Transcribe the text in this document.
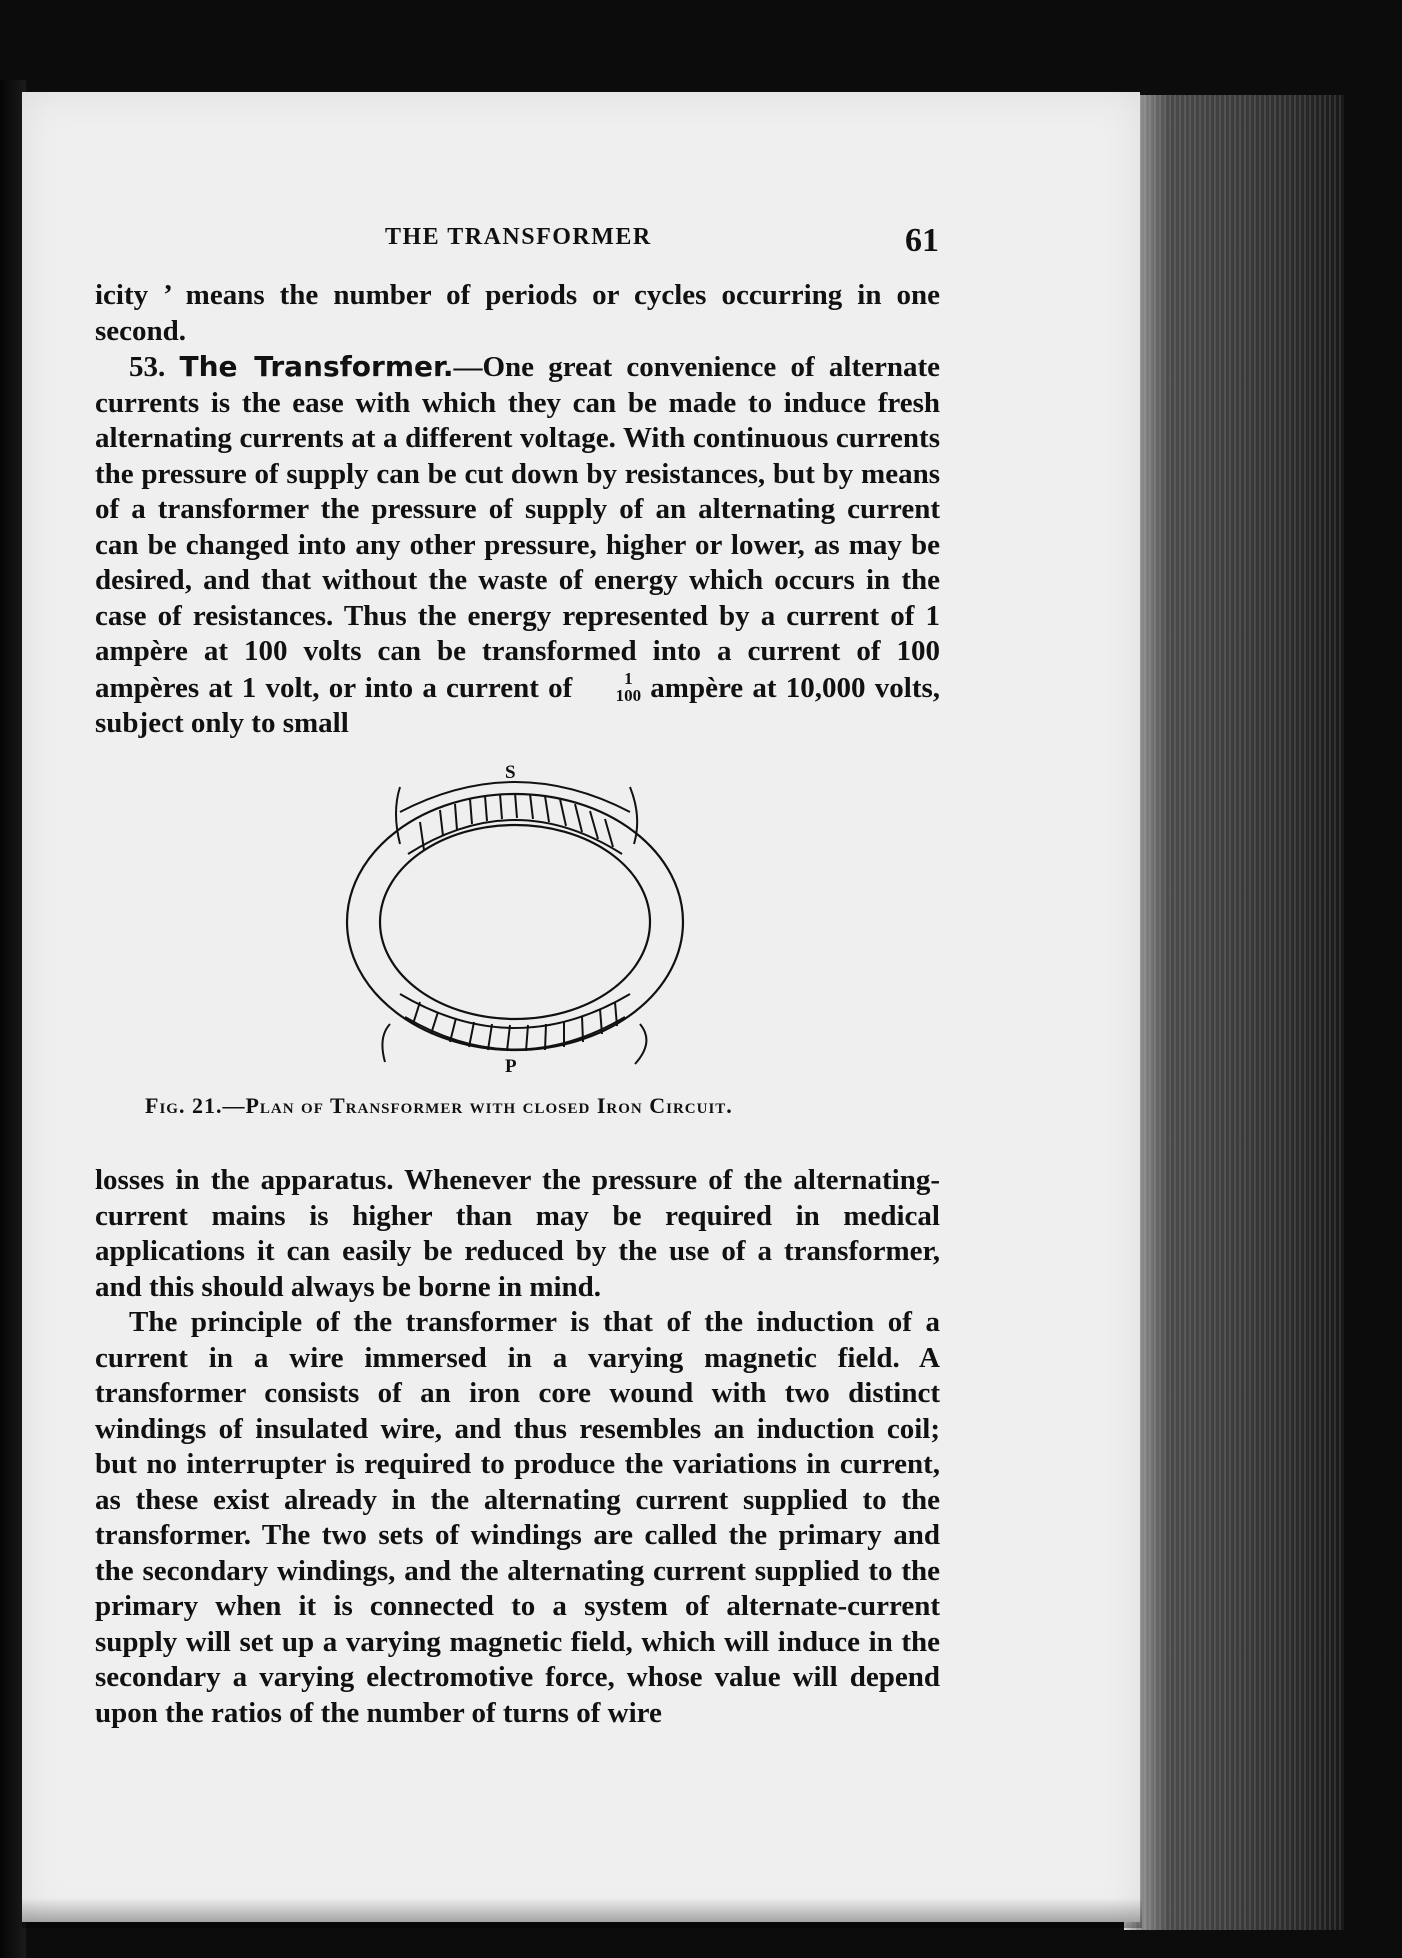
THE TRANSFORMER	61

icity ’ means the number of periods or cycles occurring in one second.

53. The Transformer.—One great convenience of alternate currents is the ease with which they can be made to induce fresh alternating currents at a different voltage. With continuous currents the pressure of supply can be cut down by resistances, but by means of a transformer the pressure of supply of an alternating current can be changed into any other pressure, higher or lower, as may be desired, and that without the waste of energy which occurs in the case of resistances. Thus the energy represented by a current of 1 ampère at 100 volts can be transformed into a current of 100 ampères at 1 volt, or into a current of	1
100 ampère at 10,000 volts, subject only to small

S
P
Fig. 21.—Plan of Transformer with closed Iron Circuit.

losses in the apparatus. Whenever the pressure of the alternating-current mains is higher than may be required in medical applications it can easily be reduced by the use of a transformer, and this should always be borne in mind.

The principle of the transformer is that of the induction of a current in a wire immersed in a varying magnetic field. A transformer consists of an iron core wound with two distinct windings of insulated wire, and thus resembles an induction coil; but no interrupter is required to produce the variations in current, as these exist already in the alternating current supplied to the transformer. The two sets of windings are called the primary and the secondary windings, and the alternating current supplied to the primary when it is connected to a system of alternate-current supply will set up a varying magnetic field, which will induce in the secondary a varying electromotive force, whose value will depend upon the ratios of the number of turns of wire
